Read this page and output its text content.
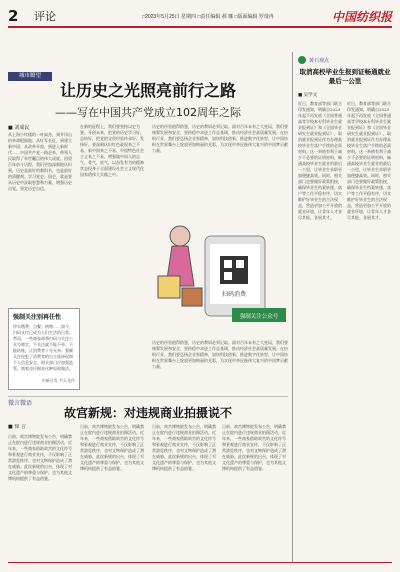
2	评论	□2023年5月25日 星期四 □责任编辑 郝 娜 □版面编辑 罗琦冉	中国纺织报
城市瞭望
让历史之光照亮前行之路
——写在中国共产党成立102周年之际
■ 刘成民
从上海小红楼的一叶扁舟，到井冈山的革命根据地；从红军长征，到建立新中国；从改革开放，到进入新时代……中国共产党一路走来，带领人民取得了举世瞩目的伟大成就。回望百年奋斗历程，我们更加深刻地认识到，历史是最好的教科书，也是最好的清醒剂。学习党史、国史，就是要从历史中汲取智慧和力量，增强历史自觉，坚定历史自信。
在新的征程上，我们要坚持以史为鉴、开创未来，把党的历史学习好、总结好，把党的宝贵经验传承好、发扬好。要深刻认识红色政权来之不易、新中国来之不易、中国特色社会主义来之不易，增强做中国人的志气、骨气、底气，以奋发有为的精神状态投身于全面建设社会主义现代化国家的伟大实践之中。
历史的经验值得借鉴，历史的教训必须记取。面对百年未有之大变局，我们要统筹发展和安全，坚持稳中求进工作总基调，推动经济社会高质量发展。在纺织行业，我们要弘扬企业家精神，加快科技创新，推进数字化转型，让中国纺织在世界舞台上绽放更加绚丽的光彩，为实现中华民族伟大复兴的中国梦贡献力量。
扫码消费
强制关注公众号
强制关注别再任性
停车缴费、点餐、购物……如今，扫码支付已成为人们生活的日常。然而，一些商家却将扫码与关注公众号绑定，不关注就不能下单、不能结账，让消费者十分无奈。强制关注侵犯了消费者的自主选择权和个人信息安全，相关部门应加强监管，商家也应摒弃这种短视做法。
中新社发 尹天龙作
历史的经验值得借鉴，历史的教训必须记取。面对百年未有之大变局，我们要统筹发展和安全，坚持稳中求进工作总基调，推动经济社会高质量发展。在纺织行业，我们要弘扬企业家精神，加快科技创新，推进数字化转型，让中国纺织在世界舞台上绽放更加绚丽的光彩，为实现中华民族伟大复兴的中国梦贡献力量。
微言微语
故宫新规：对违规商业拍摄说不
■ 徐 言
日前，故宫博物院发布公告，明确禁止在院内进行违规商业拍摄活动。近年来，一些商家借助故宫的文化符号和景观进行商业宣传，不仅影响了正常游览秩序，也对文物保护造成了潜在威胁。此次新规的出台，体现了对文化遗产的尊重与保护，也为其他文博机构提供了有益借鉴。
日前，故宫博物院发布公告，明确禁止在院内进行违规商业拍摄活动。近年来，一些商家借助故宫的文化符号和景观进行商业宣传，不仅影响了正常游览秩序，也对文物保护造成了潜在威胁。此次新规的出台，体现了对文化遗产的尊重与保护，也为其他文博机构提供了有益借鉴。
日前，故宫博物院发布公告，明确禁止在院内进行违规商业拍摄活动。近年来，一些商家借助故宫的文化符号和景观进行商业宣传，不仅影响了正常游览秩序，也对文物保护造成了潜在威胁。此次新规的出台，体现了对文化遗产的尊重与保护，也为其他文博机构提供了有益借鉴。
日前，故宫博物院发布公告，明确禁止在院内进行违规商业拍摄活动。近年来，一些商家借助故宫的文化符号和景观进行商业宣传，不仅影响了正常游览秩序，也对文物保护造成了潜在威胁。此次新规的出台，体现了对文化遗产的尊重与保护，也为其他文博机构提供了有益借鉴。
黄石观点
取消高校毕业生报到证畅通就业最后一公里
■ 吴学文
近日，教育部等部门联合印发通知，明确自2023年起不再发放《全国普通高等学校本专科毕业生就业报到证》和《全国毕业研究生就业报到证》，取消就业报到证作为办理高校毕业生落户手续的必需材料。这一举措有利于减少不必要的证明材料，畅通高校毕业生就业的最后一公里，让毕业生求职更加便捷高效。同时，相关部门也要做好政策衔接，确保毕业生档案转递、落户等工作平稳有序，切实维护好毕业生的合法权益，营造更加公平开放的就业环境，让青年人才各尽其能、各展其才。
近日，教育部等部门联合印发通知，明确自2023年起不再发放《全国普通高等学校本专科毕业生就业报到证》和《全国毕业研究生就业报到证》，取消就业报到证作为办理高校毕业生落户手续的必需材料。这一举措有利于减少不必要的证明材料，畅通高校毕业生就业的最后一公里，让毕业生求职更加便捷高效。同时，相关部门也要做好政策衔接，确保毕业生档案转递、落户等工作平稳有序，切实维护好毕业生的合法权益，营造更加公平开放的就业环境，让青年人才各尽其能、各展其才。
